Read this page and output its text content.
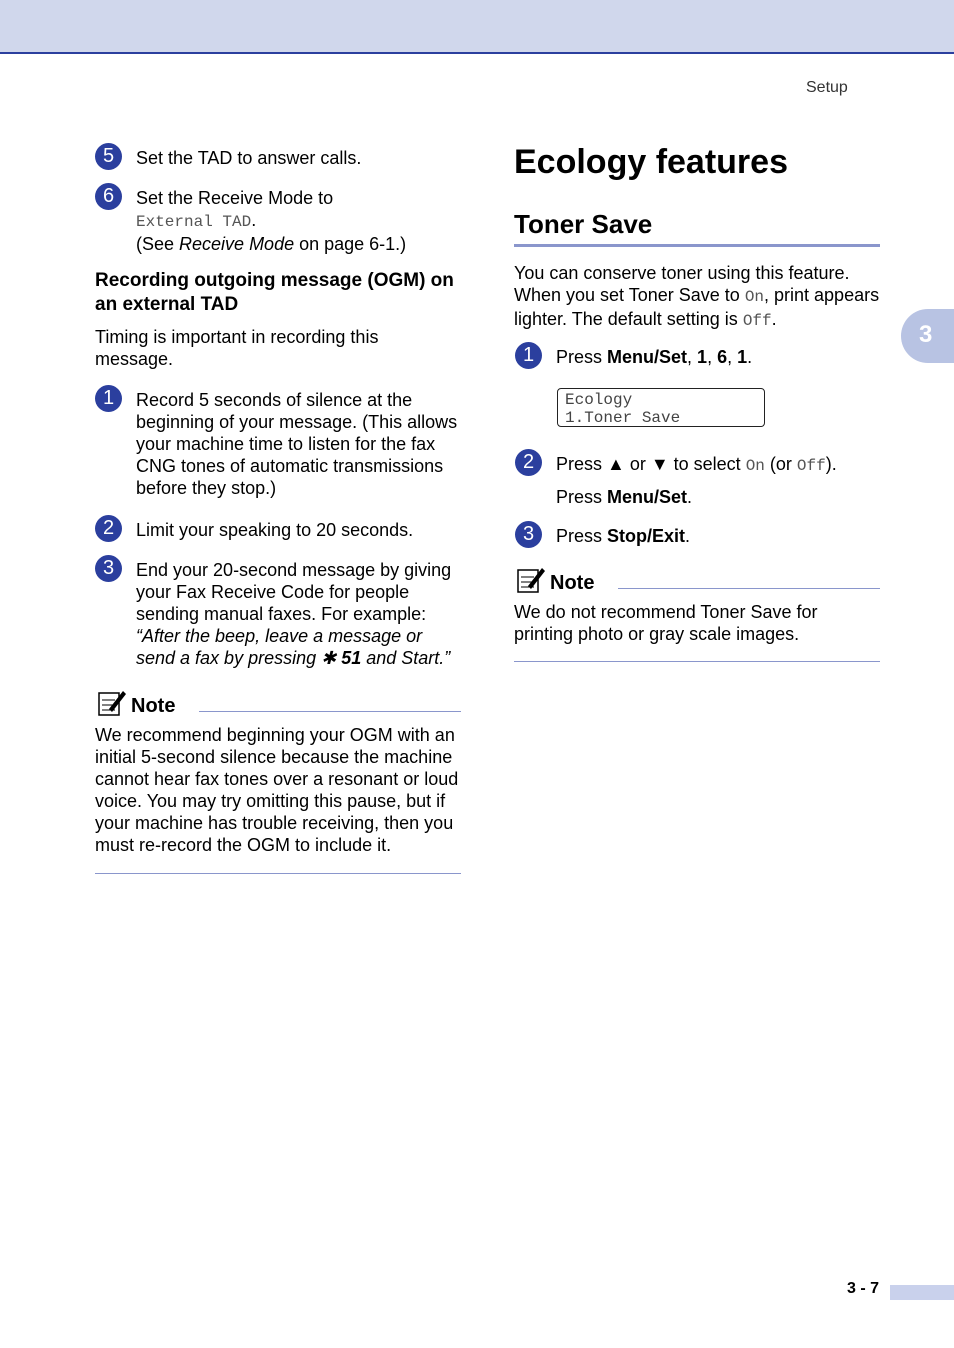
Setup
3
5	Set the TAD to answer calls.
6	Set the Receive Mode to
External TAD.
(See Receive Mode on page 6-1.)
Recording outgoing message (OGM) on an external TAD
Timing is important in recording this message.
1	Record 5 seconds of silence at the beginning of your message. (This allows your machine time to listen for the fax CNG tones of automatic transmissions before they stop.)
2	Limit your speaking to 20 seconds.
3	End your 20-second message by giving your Fax Receive Code for people sending manual faxes. For example: “After the beep, leave a message or send a fax by pressing ✱ 51 and Start.”
Note
We recommend beginning your OGM with an initial 5-second silence because the machine cannot hear fax tones over a resonant or loud voice. You may try omitting this pause, but if your machine has trouble receiving, then you must re-record the OGM to include it.
Ecology features
Toner Save
You can conserve toner using this feature. When you set Toner Save to On, print appears lighter. The default setting is Off.
1	Press Menu/Set, 1, 6, 1.
Ecology
1.Toner Save
2	Press ▲ or ▼ to select On (or Off).
Press Menu/Set.
3	Press Stop/Exit.
Note
We do not recommend Toner Save for printing photo or gray scale images.
3 - 7
